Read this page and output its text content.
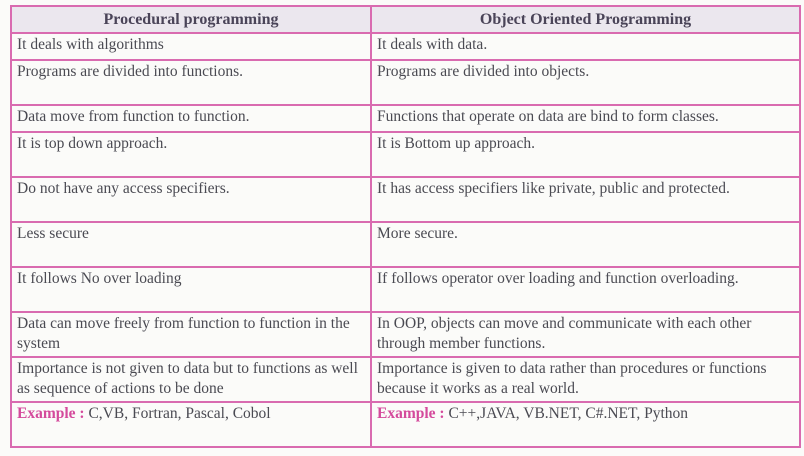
Procedural programming	Object Oriented Programming
It deals with algorithms	It deals with data.
Programs are divided into functions.	Programs are divided into objects.
Data move from function to function.	Functions that operate on data are bind to form classes.
It is top down approach.	It is Bottom up approach.
Do not have any access specifiers.	It has access specifiers like private, public and protected.
Less secure	More secure.
It follows No over loading	If follows operator over loading and function overloading.
Data can move freely from function to function in the system	In OOP, objects can move and communicate with each other through member functions.
Importance is not given to data but to functions as well as sequence of actions to be done	Importance is given to data rather than procedures or functions because it works as a real world.
Example : C,VB, Fortran, Pascal, Cobol	Example : C++,JAVA, VB.NET, C#.NET, Python
